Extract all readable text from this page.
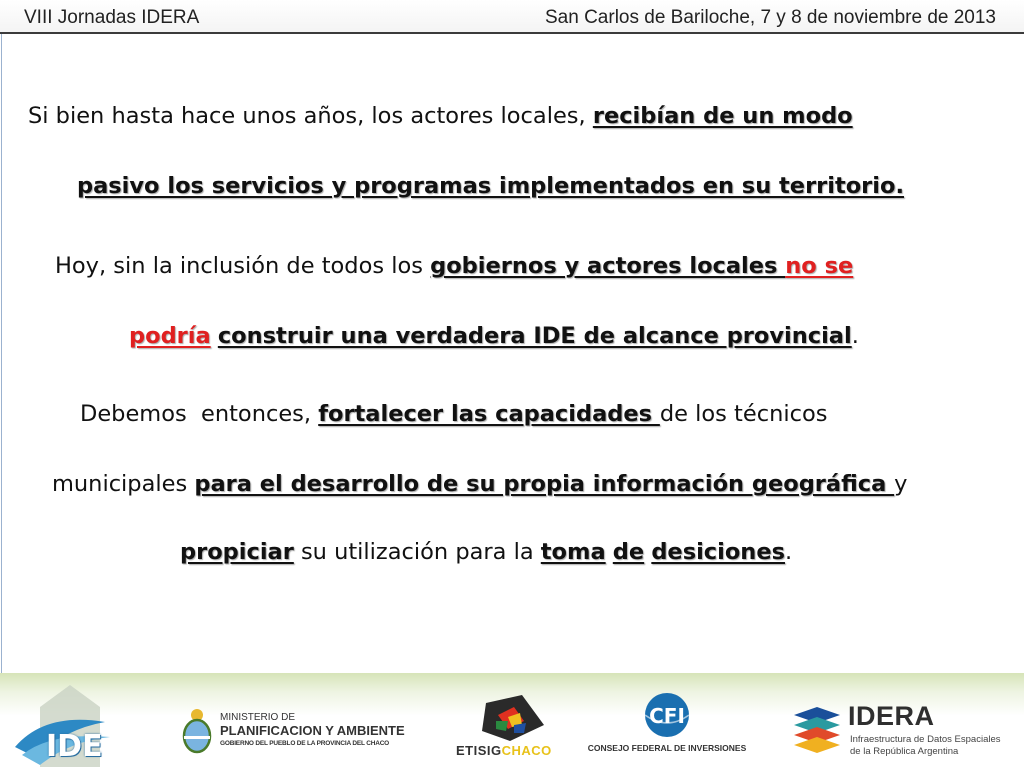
VIII Jornadas IDERA	San Carlos de Bariloche, 7 y 8 de noviembre de 2013
Si bien hasta hace unos años, los actores locales, recibían de un modo
pasivo los servicios y programas implementados en su territorio.
Hoy, sin la inclusión de todos los gobiernos y actores locales no se
podría construir una verdadera IDE de alcance provincial.
Debemos  entonces, fortalecer las capacidades de los técnicos
municipales para el desarrollo de su propia información geográfica y
propiciar su utilización para la toma de desiciones.
IDE
MINISTERIO DE
PLANIFICACION Y AMBIENTE
GOBIERNO DEL PUEBLO DE LA PROVINCIA DEL CHACO	ETISIGCHACO
CFI
CONSEJO FEDERAL DE INVERSIONES
IDERA
Infraestructura de Datos Espaciales
de la República Argentina
